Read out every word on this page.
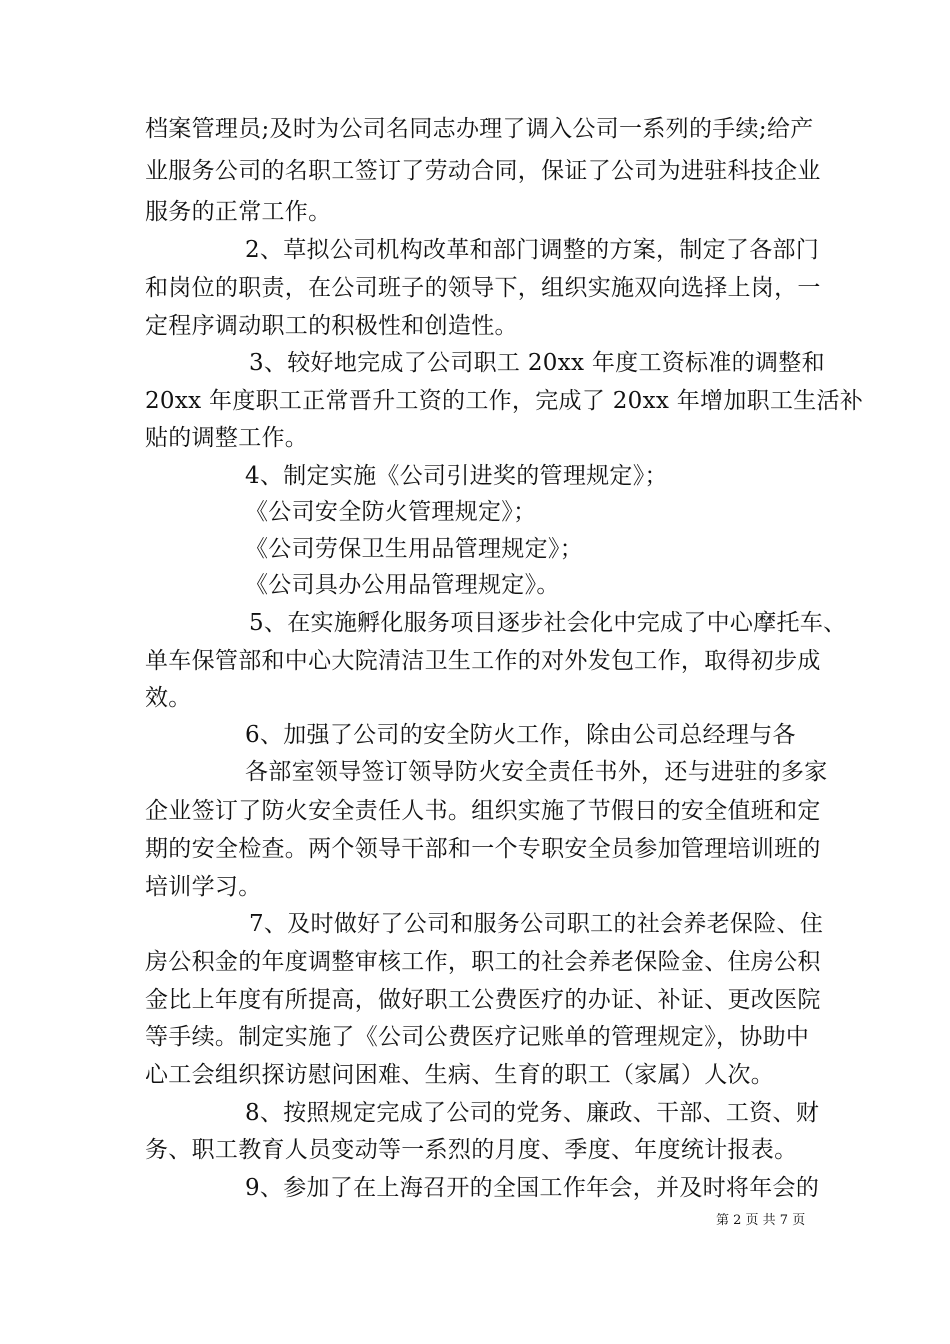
档案管理员;及时为公司名同志办理了调入公司一系列的手续;给产
业服务公司的名职工签订了劳动合同，保证了公司为进驻科技企业
服务的正常工作。
2、草拟公司机构改革和部门调整的方案，制定了各部门
和岗位的职责，在公司班子的领导下，组织实施双向选择上岗，一
定程序调动职工的积极性和创造性。
3、较好地完成了公司职工 20xx 年度工资标准的调整和
20xx 年度职工正常晋升工资的工作，完成了 20xx 年增加职工生活补
贴的调整工作。
4、制定实施《公司引进奖的管理规定》；
《公司安全防火管理规定》；
《公司劳保卫生用品管理规定》；
《公司具办公用品管理规定》。
5、在实施孵化服务项目逐步社会化中完成了中心摩托车、
单车保管部和中心大院清洁卫生工作的对外发包工作，取得初步成
效。
6、加强了公司的安全防火工作，除由公司总经理与各
各部室领导签订领导防火安全责任书外，还与进驻的多家
企业签订了防火安全责任人书。组织实施了节假日的安全值班和定
期的安全检查。两个领导干部和一个专职安全员参加管理培训班的
培训学习。
7、及时做好了公司和服务公司职工的社会养老保险、住
房公积金的年度调整审核工作，职工的社会养老保险金、住房公积
金比上年度有所提高，做好职工公费医疗的办证、补证、更改医院
等手续。制定实施了《公司公费医疗记账单的管理规定》，协助中
心工会组织探访慰问困难、生病、生育的职工（家属）人次。
8、按照规定完成了公司的党务、廉政、干部、工资、财
务、职工教育人员变动等一系烈的月度、季度、年度统计报表。
9、参加了在上海召开的全国工作年会，并及时将年会的
第 2 页 共 7 页
